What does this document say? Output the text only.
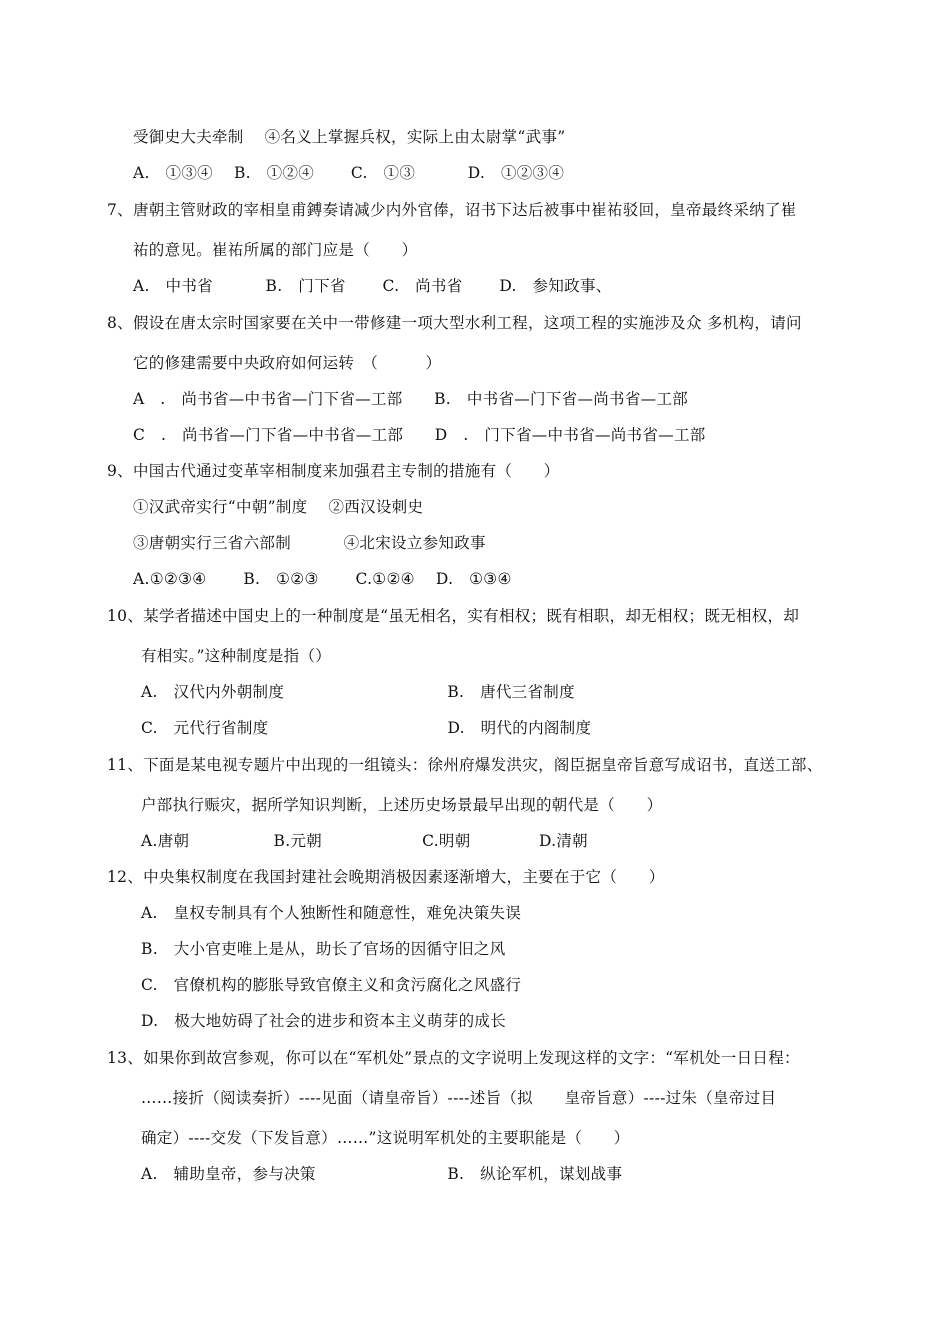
受御史大夫牵制　 ④名义上掌握兵权，实际上由太尉掌“武事”
A.　①③④　 B.　①②④　　 C.　①③　　　 D.　①②③④
7、唐朝主管财政的宰相皇甫鎛奏请减少内外官俸，诏书下达后被事中崔祐驳回，皇帝最终采纳了崔
祐的意见。崔祐所属的部门应是（　　）
A.　中书省　　　 B.　门下省　　 C.　尚书省　　 D.　参知政事、
8、假设在唐太宗时国家要在关中一带修建一项大型水利工程，这项工程的实施涉及众 多机构，请问
它的修建需要中央政府如何运转　（　　　）
A　.　尚书省—中书省—门下省—工部　　B.　中书省—门下省—尚书省—工部
C　.　尚书省—门下省—中书省—工部　　D　.　门下省—中书省—尚书省—工部
9、中国古代通过变革宰相制度来加强君主专制的措施有（　　）
①汉武帝实行“中朝”制度　 ②西汉设刺史
③唐朝实行三省六部制　　　 ④北宋设立参知政事
A.①②③④　　 B.　①②③　　 C.①②④　 D.　①③④
10、某学者描述中国史上的一种制度是“虽无相名，实有相权；既有相职，却无相权；既无相权，却
有相实。”这种制度是指（）
A.　汉代内外朝制度　　　　　　　　　　 B.　唐代三省制度
C.　元代行省制度　　　　　　　　　　　 D.　明代的内阁制度
11、下面是某电视专题片中出现的一组镜头：徐州府爆发洪灾，阁臣据皇帝旨意写成诏书，直送工部、
户部执行赈灾，据所学知识判断，上述历史场景最早出现的朝代是（　　）
A.唐朝　　　　　 B.元朝　　　　　　 C.明朝　　　　 D.清朝
12、中央集权制度在我国封建社会晚期消极因素逐渐增大，主要在于它（　　）
A.　皇权专制具有个人独断性和随意性，难免决策失误
B.　大小官吏唯上是从，助长了官场的因循守旧之风
C.　官僚机构的膨胀导致官僚主义和贪污腐化之风盛行
D.　极大地妨碍了社会的进步和资本主义萌芽的成长
13、如果你到故宫参观，你可以在“军机处”景点的文字说明上发现这样的文字：“军机处一日日程：
……接折（阅读奏折）----见面（请皇帝旨）----述旨（拟　　皇帝旨意）----过朱（皇帝过目
确定）----交发（下发旨意）……”这说明军机处的主要职能是（　　）
A.　辅助皇帝，参与决策　　　　　　　　 B.　纵论军机，谋划战事
